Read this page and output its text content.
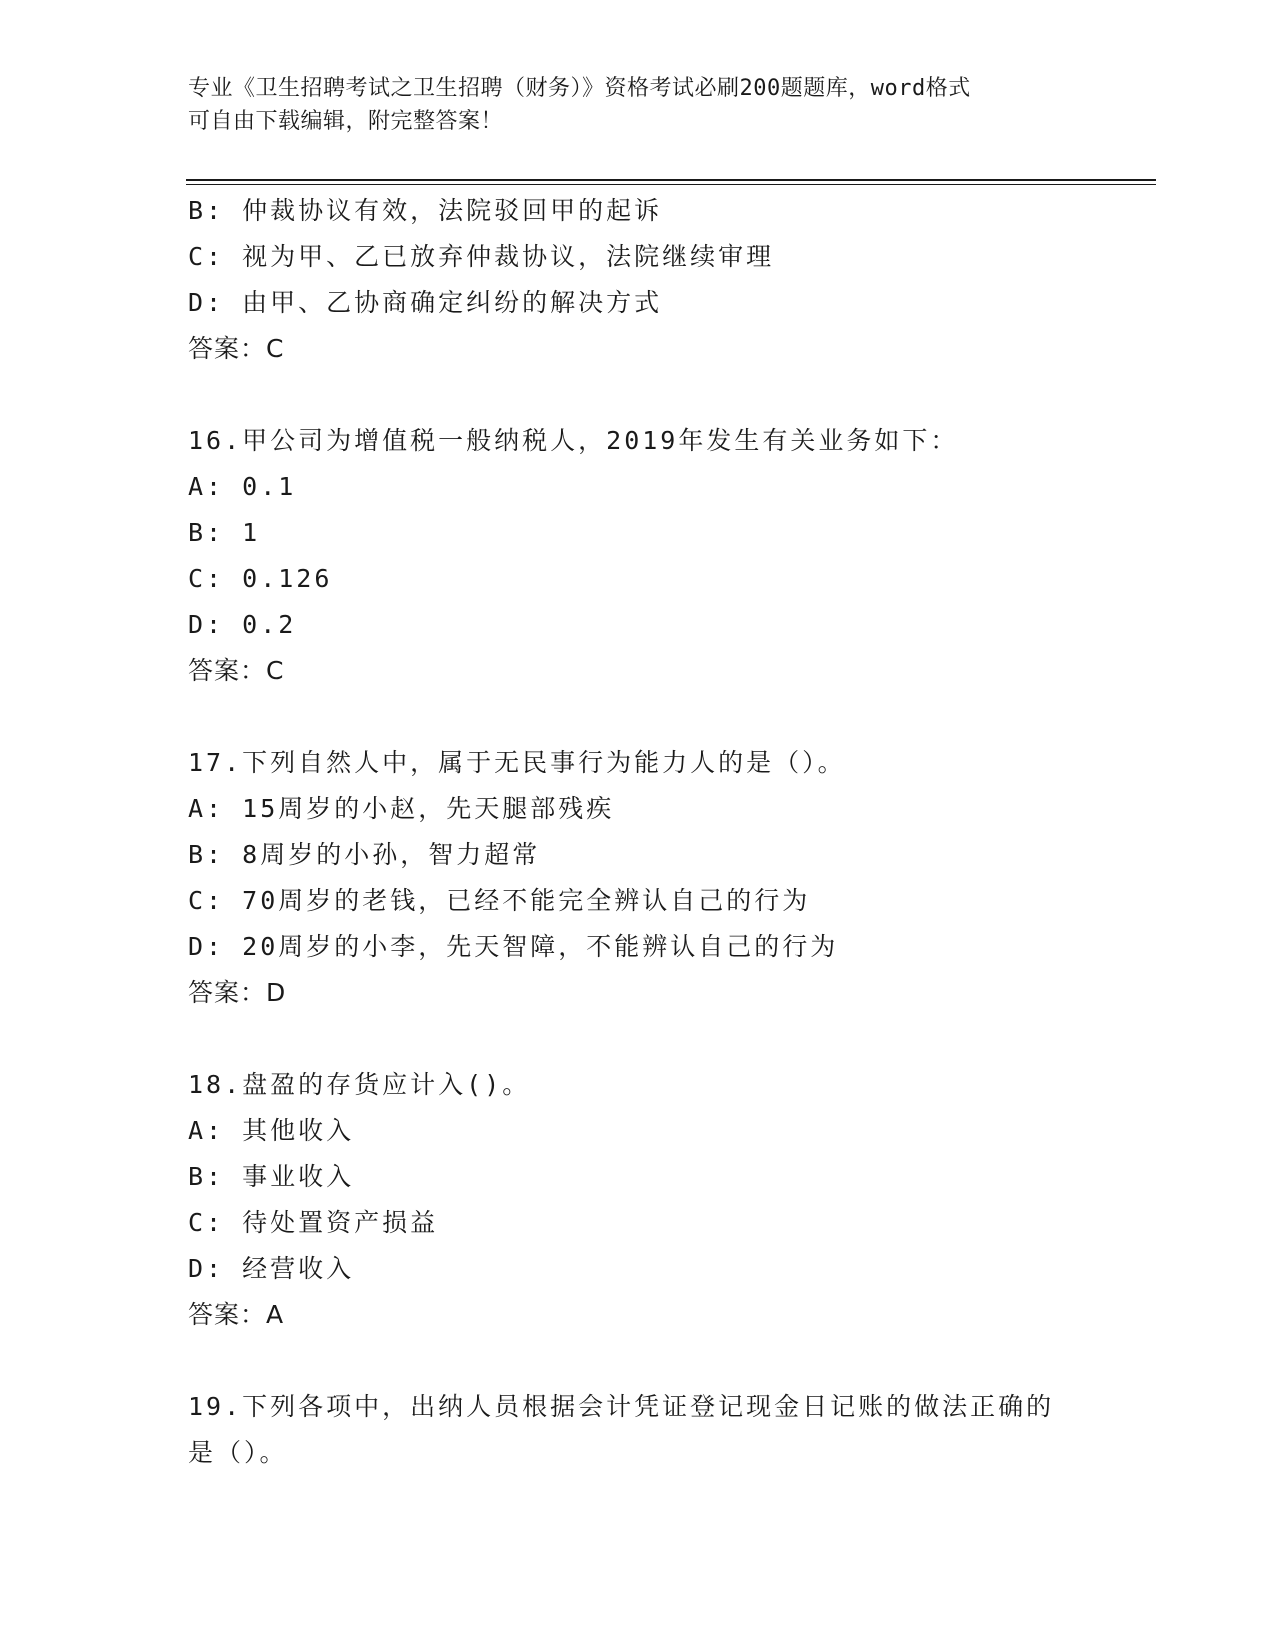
专业《卫生招聘考试之卫生招聘（财务）》资格考试必刷200题题库，word格式
可自由下载编辑，附完整答案！
B: 仲裁协议有效，法院驳回甲的起诉
C: 视为甲、乙已放弃仲裁协议，法院继续审理
D: 由甲、乙协商确定纠纷的解决方式
答案：C
16.甲公司为增值税一般纳税人，2019年发生有关业务如下：
A: 0.1
B: 1
C: 0.126
D: 0.2
答案：C
17.下列自然人中，属于无民事行为能力人的是（）。
A: 15周岁的小赵，先天腿部残疾
B: 8周岁的小孙，智力超常
C: 70周岁的老钱，已经不能完全辨认自己的行为
D: 20周岁的小李，先天智障，不能辨认自己的行为
答案：D
18.盘盈的存货应计入()。
A: 其他收入
B: 事业收入
C: 待处置资产损益
D: 经营收入
答案：A
19.下列各项中，出纳人员根据会计凭证登记现金日记账的做法正确的
是（）。
